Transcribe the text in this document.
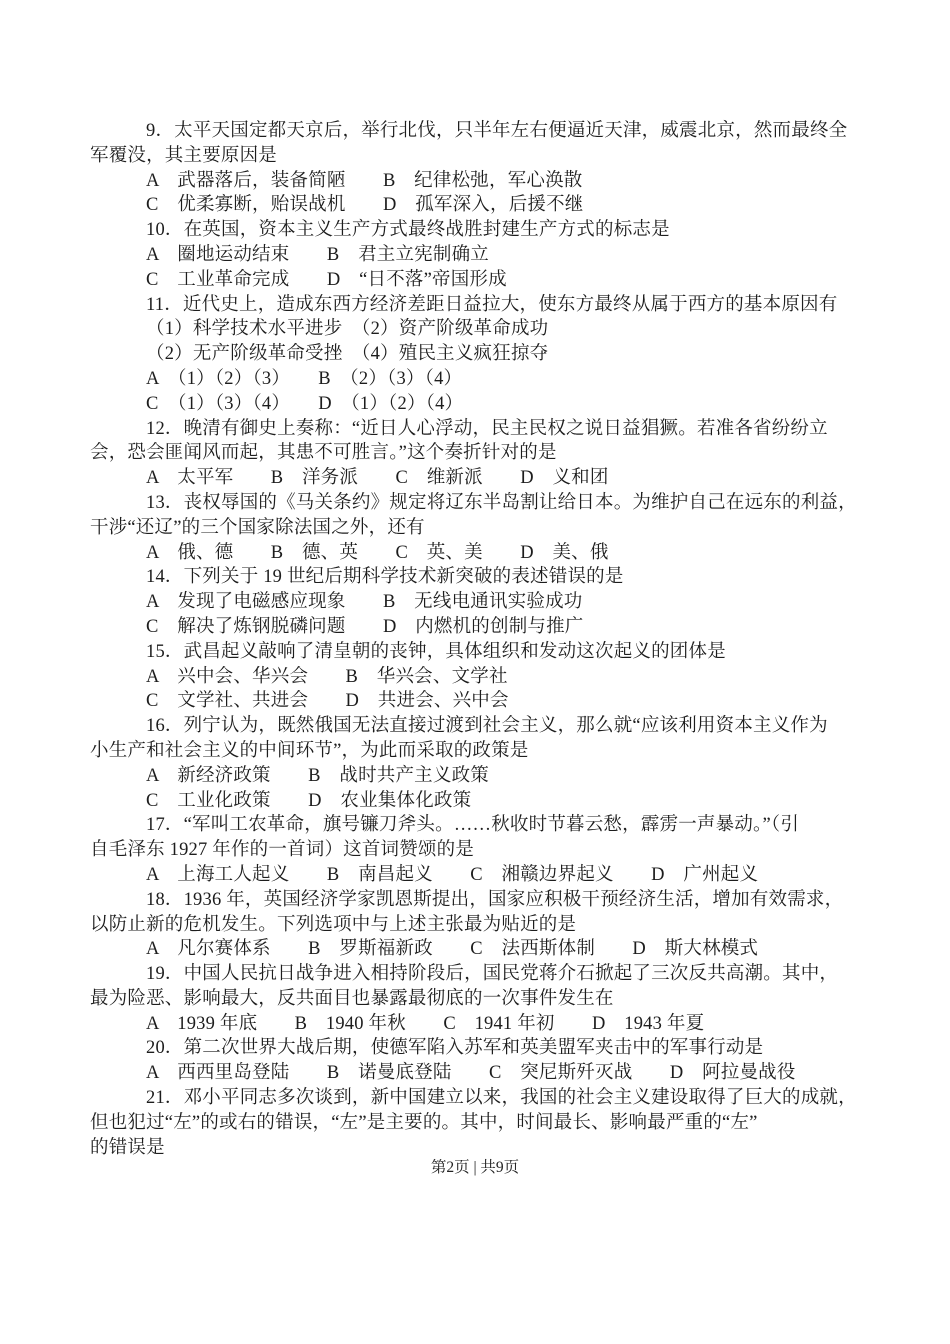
9．太平天国定都天京后，举行北伐，只半年左右便逼近天津，威震北京，然而最终全
军覆没，其主要原因是
A　武器落后，装备简陋　　B　纪律松弛，军心涣散
C　优柔寡断，贻误战机　　D　孤军深入，后援不继
10．在英国，资本主义生产方式最终战胜封建生产方式的标志是
A　圈地运动结束　　B　君主立宪制确立
C　工业革命完成　　D　“日不落”帝国形成
11．近代史上，造成东西方经济差距日益拉大，使东方最终从属于西方的基本原因有
（1）科学技术水平进步　（2）资产阶级革命成功
（2）无产阶级革命受挫　（4）殖民主义疯狂掠夺
A　（1）（2）（3）　　B　（2）（3）（4）
C　（1）（3）（4）　　D　（1）（2）（4）
12．晚清有御史上奏称：“近日人心浮动，民主民权之说日益猖獗。若准各省纷纷立
会，恐会匪闻风而起，其患不可胜言。”这个奏折针对的是
A　太平军　　B　洋务派　　C　维新派　　D　义和团
13．丧权辱国的《马关条约》规定将辽东半岛割让给日本。为维护自己在远东的利益，
干涉“还辽”的三个国家除法国之外，还有
A　俄、德　　B　德、英　　C　英、美　　D　美、俄
14．下列关于 19 世纪后期科学技术新突破的表述错误的是
A　发现了电磁感应现象　　B　无线电通讯实验成功
C　解决了炼钢脱磷问题　　D　内燃机的创制与推广
15．武昌起义敲响了清皇朝的丧钟，具体组织和发动这次起义的团体是
A　兴中会、华兴会　　B　华兴会、文学社
C　文学社、共进会　　D　共进会、兴中会
16．列宁认为，既然俄国无法直接过渡到社会主义，那么就“应该利用资本主义作为
小生产和社会主义的中间环节”，为此而采取的政策是
A　新经济政策　　B　战时共产主义政策
C　工业化政策　　D　农业集体化政策
17．“军叫工农革命，旗号镰刀斧头。……秋收时节暮云愁，霹雳一声暴动。”（引
自毛泽东 1927 年作的一首词）这首词赞颂的是
A　上海工人起义　　B　南昌起义　　C　湘赣边界起义　　D　广州起义
18．1936 年，英国经济学家凯恩斯提出，国家应积极干预经济生活，增加有效需求，
以防止新的危机发生。下列选项中与上述主张最为贴近的是
A　凡尔赛体系　　B　罗斯福新政　　C　法西斯体制　　D　斯大林模式
19．中国人民抗日战争进入相持阶段后，国民党蒋介石掀起了三次反共高潮。其中，
最为险恶、影响最大，反共面目也暴露最彻底的一次事件发生在
A　1939 年底　　B　1940 年秋　　C　1941 年初　　D　1943 年夏
20．第二次世界大战后期，使德军陷入苏军和英美盟军夹击中的军事行动是
A　西西里岛登陆　　B　诺曼底登陆　　C　突尼斯歼灭战　　D　阿拉曼战役
21．邓小平同志多次谈到，新中国建立以来，我国的社会主义建设取得了巨大的成就，
但也犯过“左”的或右的错误，“左”是主要的。其中，时间最长、影响最严重的“左”
的错误是
第2页 | 共9页
